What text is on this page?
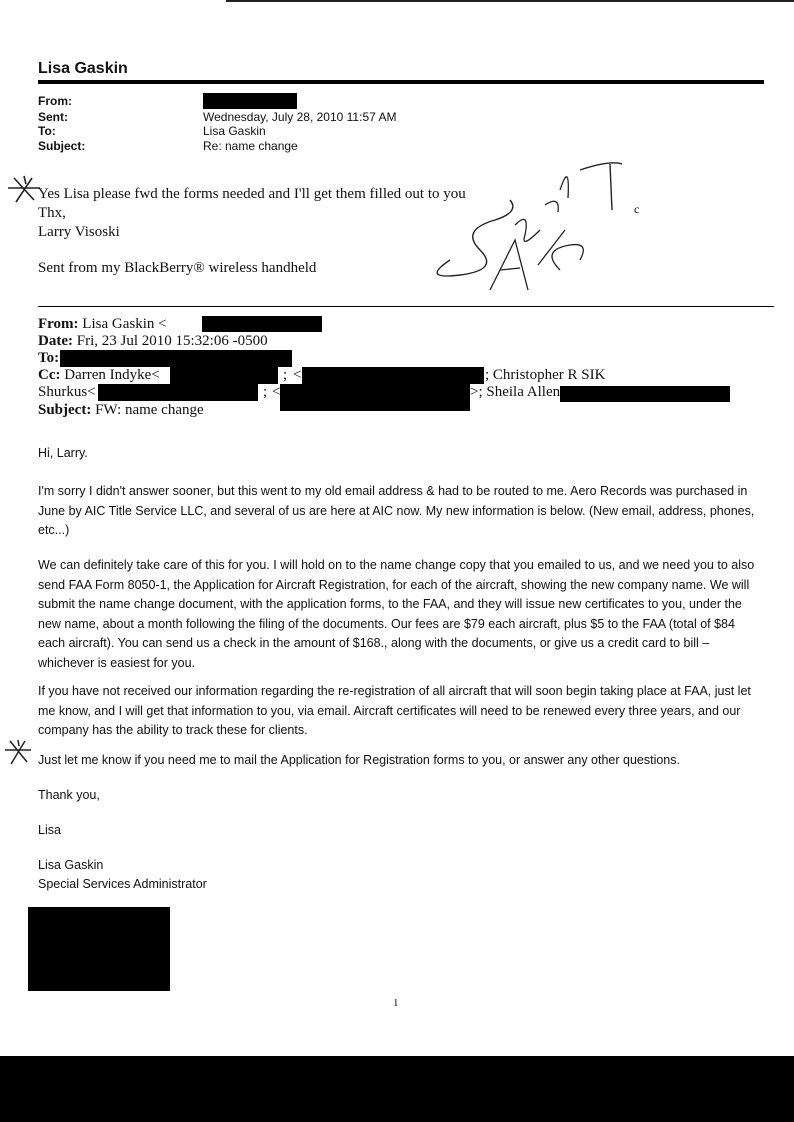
Lisa Gaskin
From:
Sent:	Wednesday, July 28, 2010 11:57 AM
To:	Lisa Gaskin
Subject:	Re: name change
Yes Lisa please fwd the forms needed and I'll get them filled out to you
Thx,
Larry Visoski
Sent from my BlackBerry® wireless handheld
c
From: Lisa Gaskin <
Date: Fri, 23 Jul 2010 15:32:06 -0500
To:
Cc: Darren Indyke<	; <	; Christopher R SIK
Shurkus<	; <	>; Sheila Allen
Subject: FW: name change
Hi, Larry.
I'm sorry I didn't answer sooner, but this went to my old email address & had to be routed to me. Aero Records was purchased in June by AIC Title Service LLC, and several of us are here at AIC now. My new information is below. (New email, address, phones, etc...)
We can definitely take care of this for you. I will hold on to the name change copy that you emailed to us, and we need you to also send FAA Form 8050-1, the Application for Aircraft Registration, for each of the aircraft, showing the new company name. We will submit the name change document, with the application forms, to the FAA, and they will issue new certificates to you, under the new name, about a month following the filing of the documents. Our fees are $79 each aircraft, plus $5 to the FAA (total of $84 each aircraft). You can send us a check in the amount of $168., along with the documents, or give us a credit card to bill – whichever is easiest for you.
If you have not received our information regarding the re-registration of all aircraft that will soon begin taking place at FAA, just let me know, and I will get that information to you, via email. Aircraft certificates will need to be renewed every three years, and our company has the ability to track these for clients.
Just let me know if you need me to mail the Application for Registration forms to you, or answer any other questions.
Thank you,
Lisa
Lisa Gaskin
Special Services Administrator
1
